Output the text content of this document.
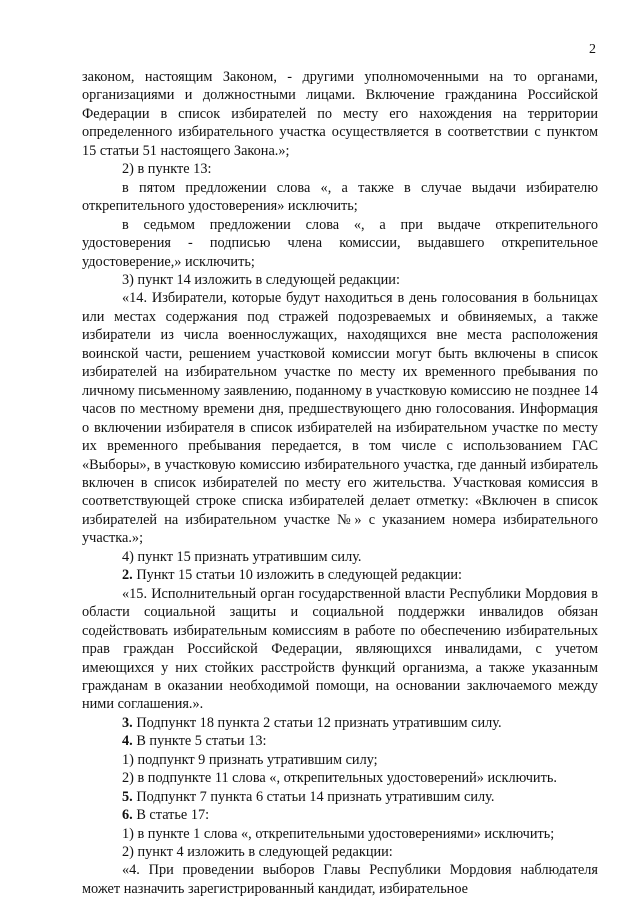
2

законом, настоящим Законом, - другими уполномоченными на то органами, организациями и должностными лицами. Включение гражданина Российской Федерации в список избирателей по месту его нахождения на территории определенного избирательного участка осуществляется в соответствии с пунктом 15 статьи 51 настоящего Закона.»;

2) в пункте 13:

в пятом предложении слова «, а также в случае выдачи избирателю открепительного удостоверения» исключить;

в седьмом предложении слова «, а при выдаче открепительного удостоверения - подписью члена комиссии, выдавшего открепительное удостоверение,» исключить;

3) пункт 14 изложить в следующей редакции:

«14. Избиратели, которые будут находиться в день голосования в больницах или местах содержания под стражей подозреваемых и обвиняемых, а также избиратели из числа военнослужащих, находящихся вне места расположения воинской части, решением участковой комиссии могут быть включены в список избирателей на избирательном участке по месту их временного пребывания по личному письменному заявлению, поданному в участковую комиссию не позднее 14 часов по местному времени дня, предшествующего дню голосования. Информация о включении избирателя в список избирателей на избирательном участке по месту их временного пребывания передается, в том числе с использованием ГАС «Выборы», в участковую комиссию избирательного участка, где данный избиратель включен в список избирателей по месту его жительства. Участковая комиссия в соответствующей строке списка избирателей делает отметку: «Включен в список избирателей на избирательном участке №» с указанием номера избирательного участка.»;

4) пункт 15 признать утратившим силу.

2. Пункт 15 статьи 10 изложить в следующей редакции:

«15. Исполнительный орган государственной власти Республики Мордовия в области социальной защиты и социальной поддержки инвалидов обязан содействовать избирательным комиссиям в работе по обеспечению избирательных прав граждан Российской Федерации, являющихся инвалидами, с учетом имеющихся у них стойких расстройств функций организма, а также указанным гражданам в оказании необходимой помощи, на основании заключаемого между ними соглашения.».

3. Подпункт 18 пункта 2 статьи 12 признать утратившим силу.

4. В пункте 5 статьи 13:

1) подпункт 9 признать утратившим силу;

2) в подпункте 11 слова «, открепительных удостоверений» исключить.

5. Подпункт 7 пункта 6 статьи 14 признать утратившим силу.

6. В статье 17:

1) в пункте 1 слова «, открепительными удостоверениями» исключить;

2) пункт 4 изложить в следующей редакции:

«4. При проведении выборов Главы Республики Мордовия наблюдателя может назначить зарегистрированный кандидат, избирательное
